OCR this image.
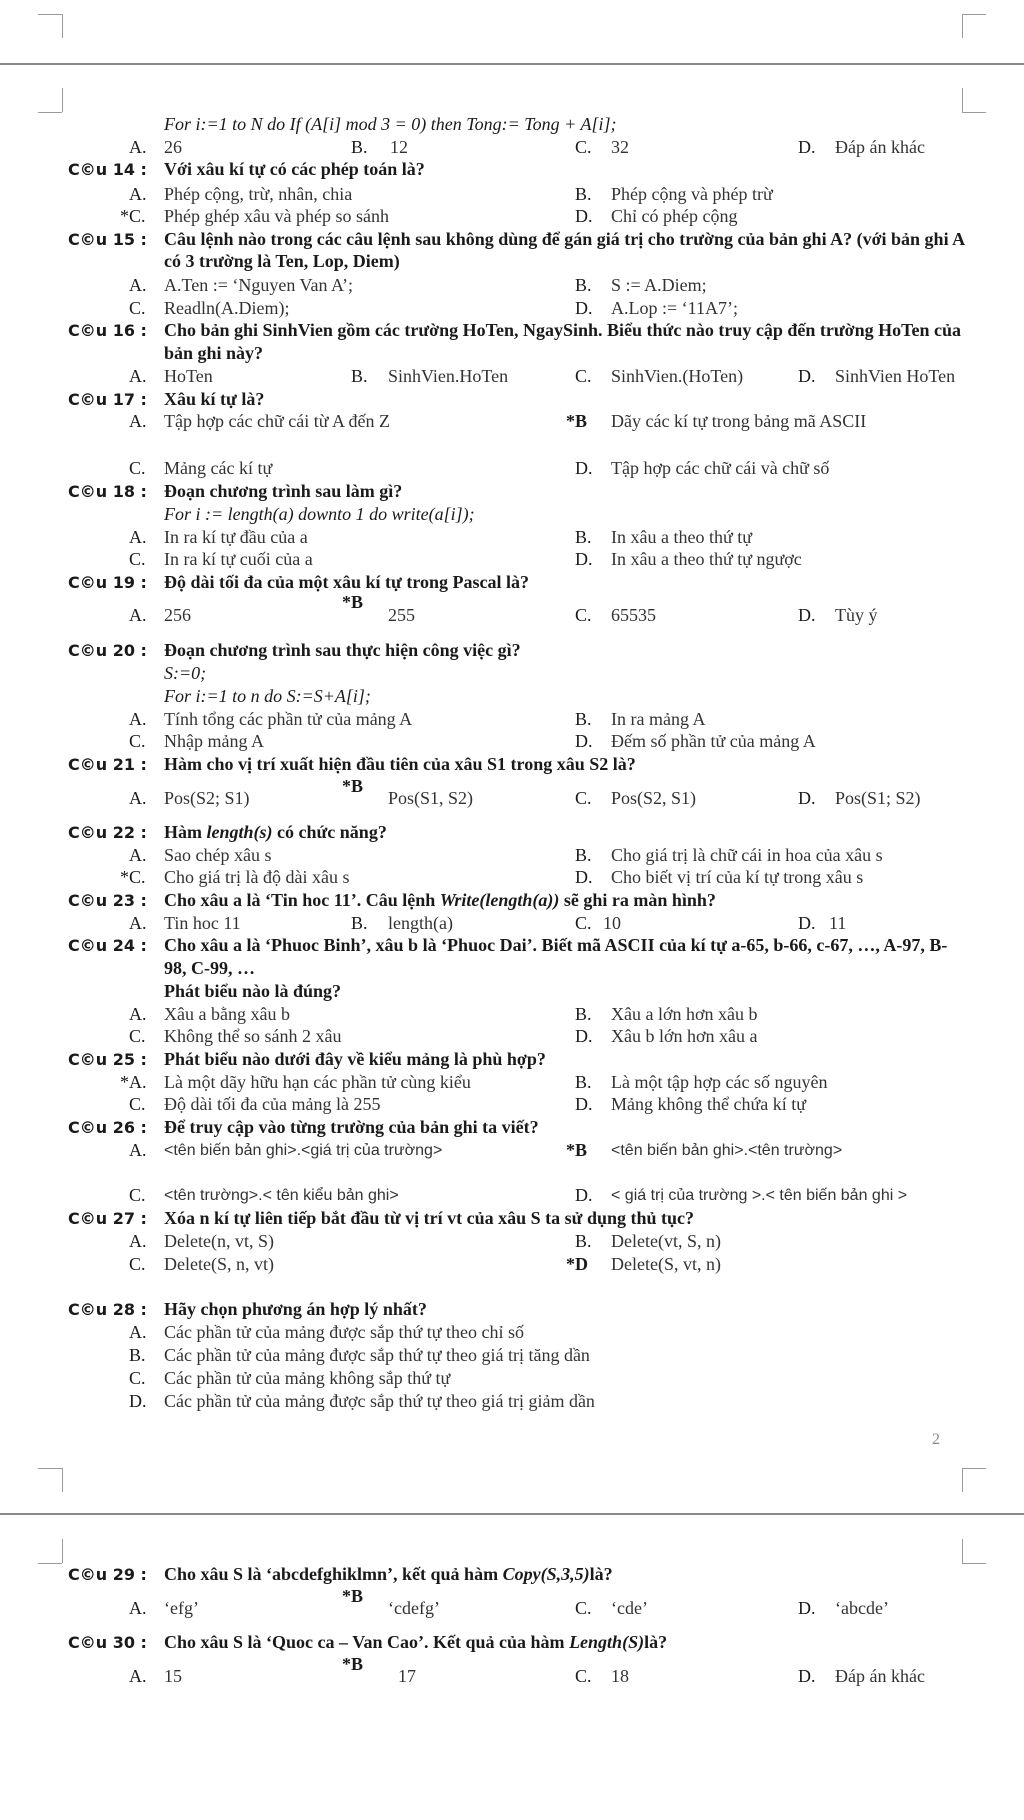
For i:=1 to N do If (A[i] mod 3 = 0) then Tong:= Tong + A[i];
A. 26	B. 12	C. 32	D. Đáp án khác
C©u 14 : Với xâu kí tự có các phép toán là?
A. Phép cộng, trừ, nhân, chia	B. Phép cộng và phép trừ
*C. Phép ghép xâu và phép so sánh	D. Chỉ có phép cộng
C©u 15 : Câu lệnh nào trong các câu lệnh sau không dùng để gán giá trị cho trường của bản ghi A? (với bản ghi A
có 3 trường là Ten, Lop, Diem)
A. A.Ten := ‘Nguyen Van A’;	B. S := A.Diem;
C. Readln(A.Diem);	D. A.Lop := ‘11A7’;
C©u 16 : Cho bản ghi SinhVien gồm các trường HoTen, NgaySinh. Biểu thức nào truy cập đến trường HoTen của
bản ghi này?
A. HoTen	B. SinhVien.HoTen	C. SinhVien.(HoTen)	D. SinhVien HoTen
C©u 17 : Xâu kí tự là?
A. Tập hợp các chữ cái từ A đến Z	*B Dãy các kí tự trong bảng mã ASCII
C. Mảng các kí tự	D. Tập hợp các chữ cái và chữ số
C©u 18 : Đoạn chương trình sau làm gì?
For i := length(a) downto 1 do write(a[i]);
A. In ra kí tự đầu của a	B. In xâu a theo thứ tự
C. In ra kí tự cuối của a	D. In xâu a theo thứ tự ngược
C©u 19 : Độ dài tối đa của một xâu kí tự trong Pascal là?
A. 256
*B
255	C. 65535	D. Tùy ý
C©u 20 : Đoạn chương trình sau thực hiện công việc gì?
S:=0;
For i:=1 to n do S:=S+A[i];
A. Tính tổng các phần tử của mảng A	B. In ra mảng A
C. Nhập mảng A	D. Đếm số phần tử của mảng A
C©u 21 : Hàm cho vị trí xuất hiện đầu tiên của xâu S1 trong xâu S2 là?
A. Pos(S2; S1)
*B
Pos(S1, S2)	C. Pos(S2, S1)	D. Pos(S1; S2)
C©u 22 : Hàm length(s) có chức năng?
A. Sao chép xâu s	B. Cho giá trị là chữ cái in hoa của xâu s
*C. Cho giá trị là độ dài xâu s	D. Cho biết vị trí của kí tự trong xâu s
C©u 23 : Cho xâu a là ‘Tin hoc 11’. Câu lệnh Write(length(a)) sẽ ghi ra màn hình?
A. Tin hoc 11	B. length(a)	C. 10	D. 11
C©u 24 : Cho xâu a là ‘Phuoc Binh’, xâu b là ‘Phuoc Dai’. Biết mã ASCII của kí tự a-65, b-66, c-67, …, A-97, B-
98, C-99, …
Phát biểu nào là đúng?
A. Xâu a bằng xâu b	B. Xâu a lớn hơn xâu b
C. Không thể so sánh 2 xâu	D. Xâu b lớn hơn xâu a
C©u 25 : Phát biểu nào dưới đây về kiểu mảng là phù hợp?
*A. Là một dãy hữu hạn các phần tử cùng kiểu	B. Là một tập hợp các số nguyên
C. Độ dài tối đa của mảng là 255	D. Mảng không thể chứa kí tự
C©u 26 : Để truy cập vào từng trường của bản ghi ta viết?
A. <tên biến bản ghi>.<giá trị của trường>	*B <tên biến bản ghi>.<tên trường>
C. <tên trường>.< tên kiểu bản ghi>	D. < giá trị của trường >.< tên biến bản ghi >
C©u 27 : Xóa n kí tự liên tiếp bắt đầu từ vị trí vt của xâu S ta sử dụng thủ tục?
A. Delete(n, vt, S)	B. Delete(vt, S, n)
C. Delete(S, n, vt)	*D Delete(S, vt, n)
C©u 28 : Hãy chọn phương án hợp lý nhất?
A. Các phần tử của mảng được sắp thứ tự theo chỉ số
B. Các phần tử của mảng được sắp thứ tự theo giá trị tăng dần
C. Các phần tử của mảng không sắp thứ tự
D. Các phần tử của mảng được sắp thứ tự theo giá trị giảm dần
2
C©u 29 : Cho xâu S là ‘abcdefghiklmn’, kết quả hàm Copy(S,3,5)là?
A. ‘efg’
*B
‘cdefg’	C. ‘cde’	D. ‘abcde’
C©u 30 : Cho xâu S là ‘Quoc ca – Van Cao’. Kết quả của hàm Length(S)là?
A. 15
*B
17	C. 18	D. Đáp án khác
